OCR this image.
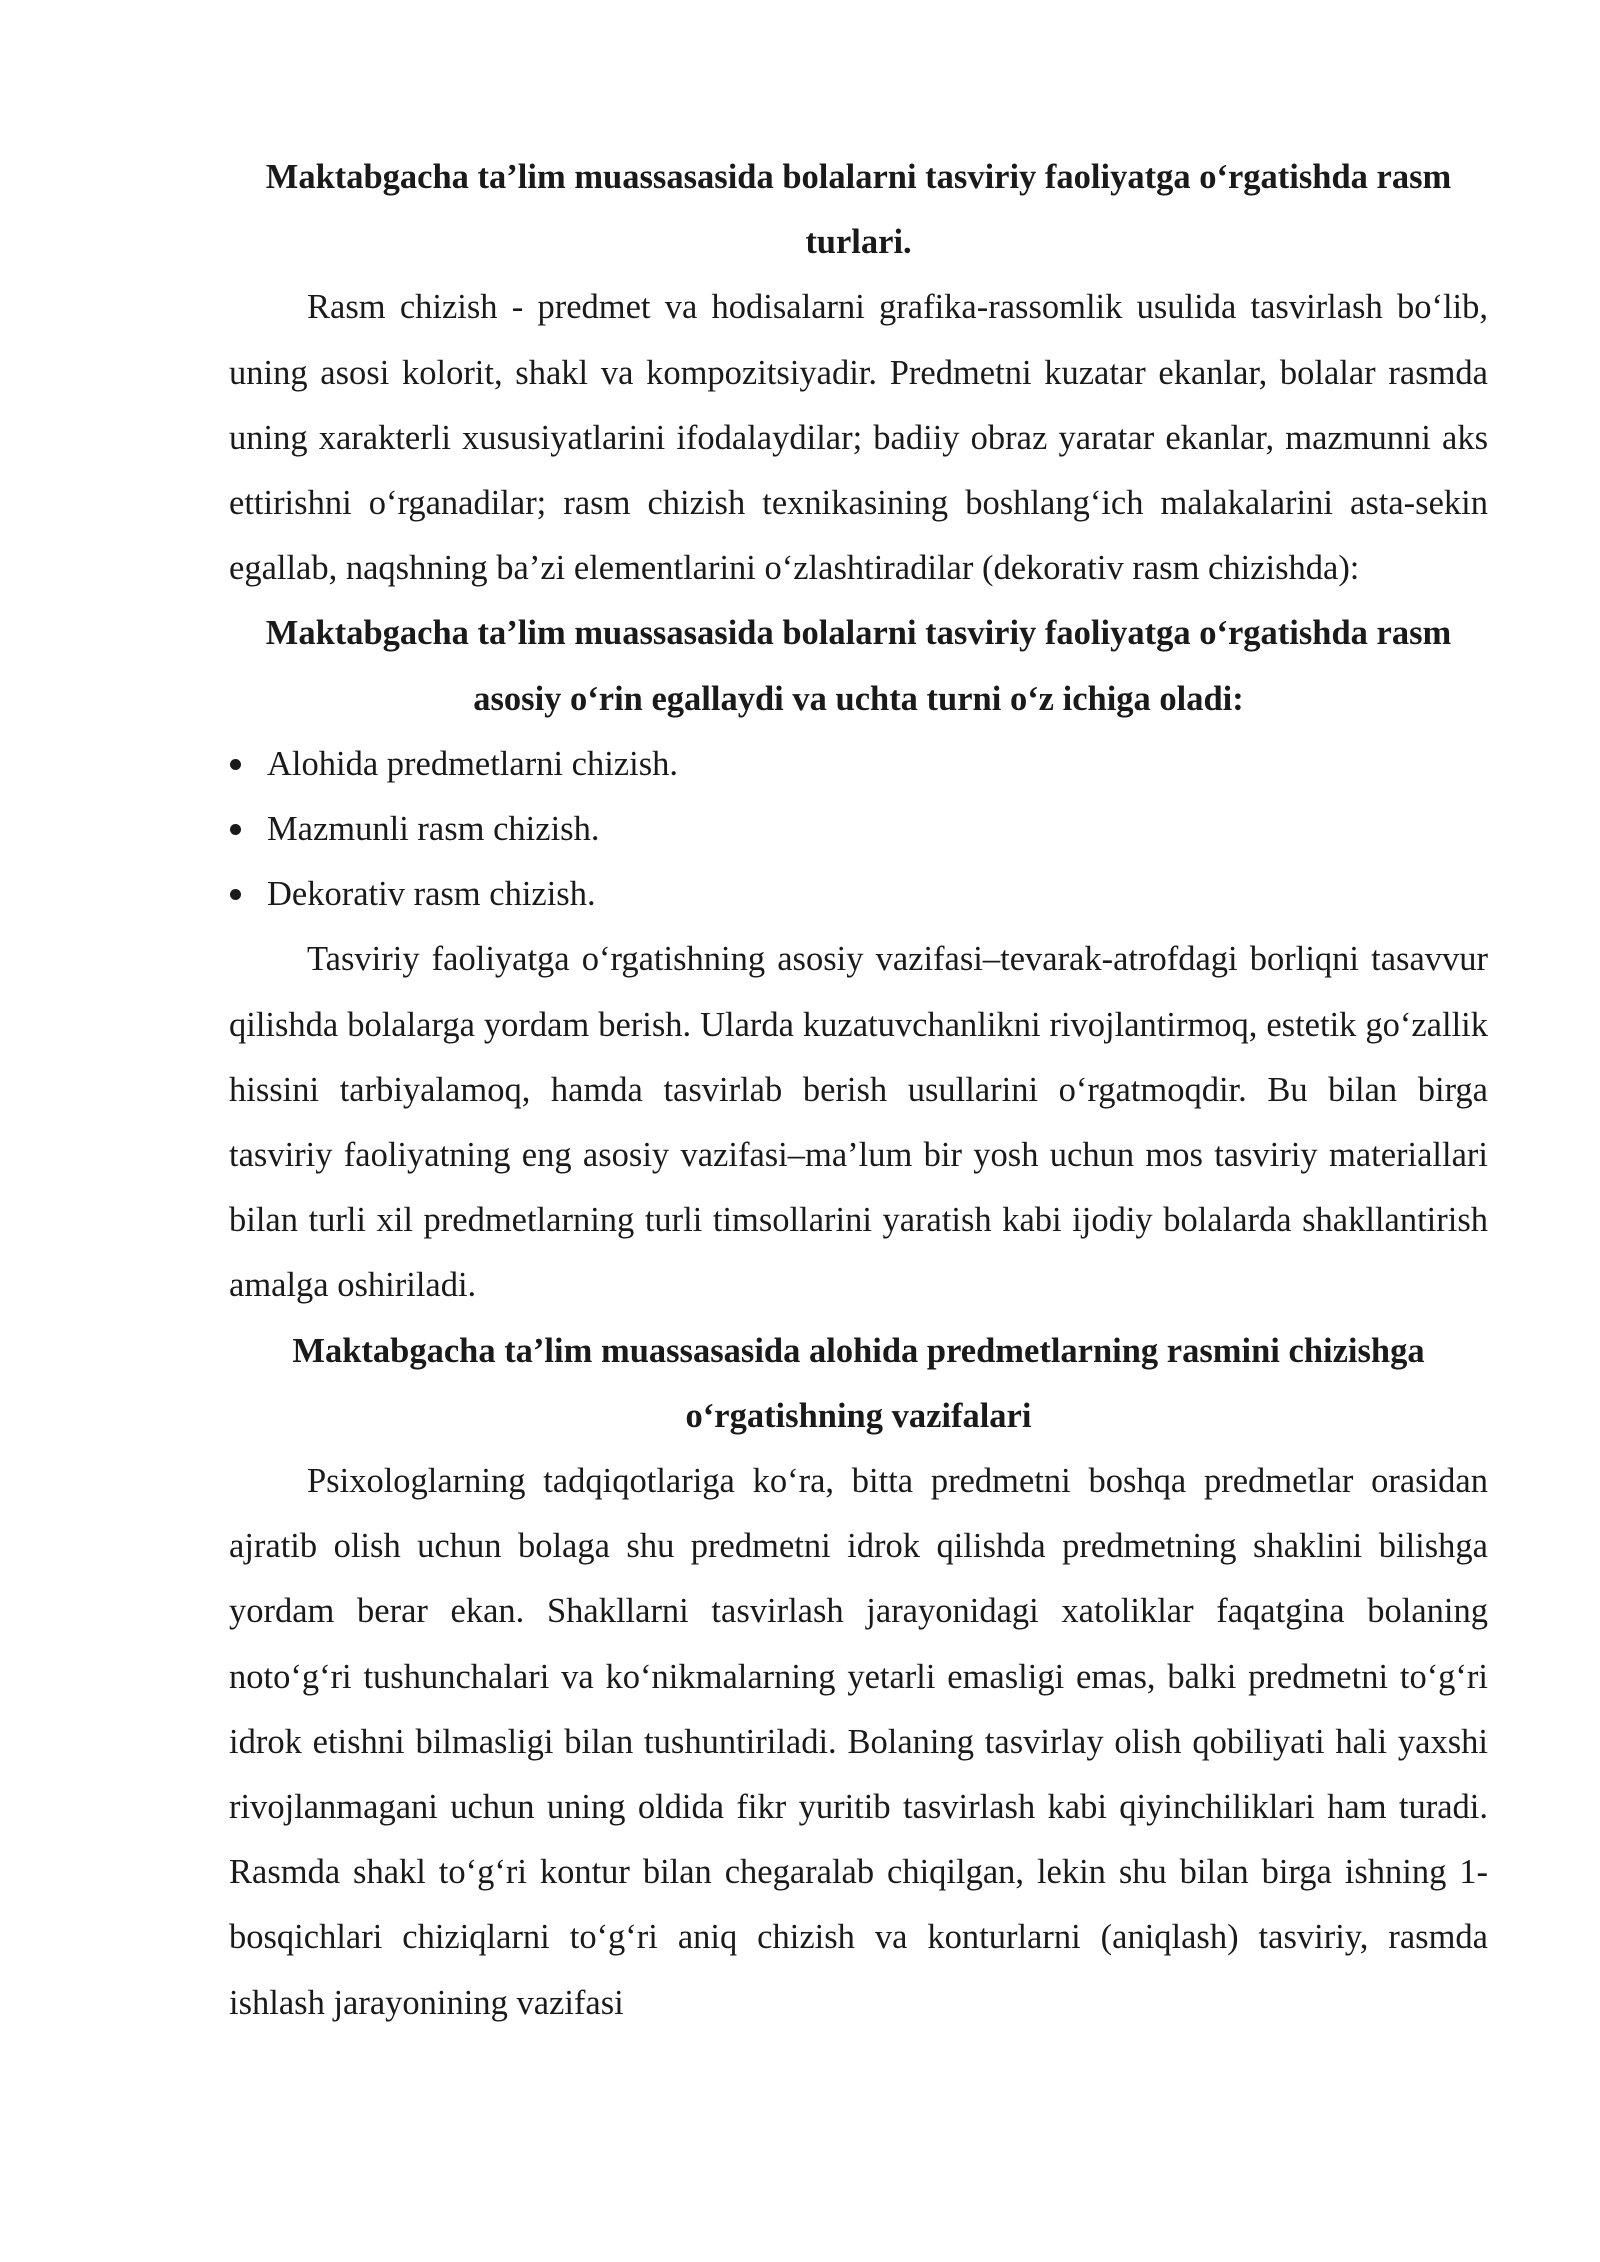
Maktabgacha ta’lim muassasasida bolalarni tasviriy faoliyatga o‘rgatishda rasm turlari.

Rasm chizish - predmet va hodisalarni grafika-rassomlik usulida tasvirlash bo‘lib, uning asosi kolorit, shakl va kompozitsiyadir. Predmetni kuzatar ekanlar, bolalar rasmda uning xarakterli xususiyatlarini ifodalaydilar; badiiy obraz yaratar ekanlar, mazmunni aks ettirishni o‘rganadilar; rasm chizish texnikasining boshlang‘ich malakalarini asta-sekin egallab, naqshning ba’zi elementlarini o‘zlashtiradilar (dekorativ rasm chizishda):

Maktabgacha ta’lim muassasasida bolalarni tasviriy faoliyatga o‘rgatishda rasm asosiy o‘rin egallaydi va uchta turni o‘z ichiga oladi:

Alohida predmetlarni chizish.
Mazmunli rasm chizish.
Dekorativ rasm chizish.

Tasviriy faoliyatga o‘rgatishning asosiy vazifasi–tevarak-atrofdagi borliqni tasavvur qilishda bolalarga yordam berish. Ularda kuzatuvchanlikni rivojlantirmoq, estetik go‘zallik hissini tarbiyalamoq, hamda tasvirlab berish usullarini o‘rgatmoqdir. Bu bilan birga tasviriy faoliyatning eng asosiy vazifasi–ma’lum bir yosh uchun mos tasviriy materiallari bilan turli xil predmetlarning turli timsollarini yaratish kabi ijodiy bolalarda shakllantirish amalga oshiriladi.

Maktabgacha ta’lim muassasasida alohida predmetlarning rasmini chizishga o‘rgatishning vazifalari

Psixologlarning tadqiqotlariga ko‘ra, bitta predmetni boshqa predmetlar orasidan ajratib olish uchun bolaga shu predmetni idrok qilishda predmetning shaklini bilishga yordam berar ekan. Shakllarni tasvirlash jarayonidagi xatoliklar faqatgina bolaning noto‘g‘ri tushunchalari va ko‘nikmalarning yetarli emasligi emas, balki predmetni to‘g‘ri idrok etishni bilmasligi bilan tushuntiriladi. Bolaning tasvirlay olish qobiliyati hali yaxshi rivojlanmagani uchun uning oldida fikr yuritib tasvirlash kabi qiyinchiliklari ham turadi. Rasmda shakl to‘g‘ri kontur bilan chegaralab chiqilgan, lekin shu bilan birga ishning 1-bosqichlari chiziqlarni to‘g‘ri aniq chizish va konturlarni (aniqlash) tasviriy, rasmda ishlash jarayonining vazifasi
